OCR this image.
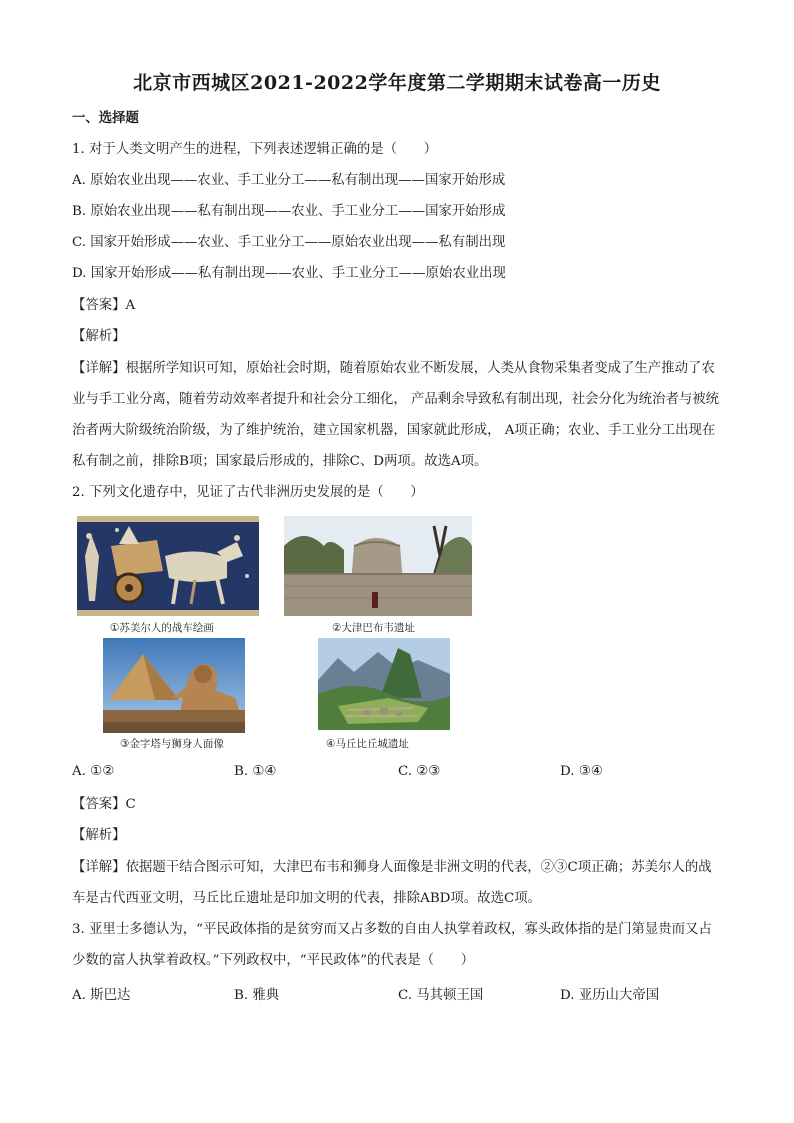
北京市西城区2021-2022学年度第二学期期末试卷高一历史
一、选择题
1. 对于人类文明产生的进程，下列表述逻辑正确的是（　　）
A. 原始农业出现——农业、手工业分工——私有制出现——国家开始形成
B. 原始农业出现——私有制出现——农业、手工业分工——国家开始形成
C. 国家开始形成——农业、手工业分工——原始农业出现——私有制出现
D. 国家开始形成——私有制出现——农业、手工业分工——原始农业出现
【答案】A
【解析】
【详解】根据所学知识可知，原始社会时期，随着原始农业不断发展，人类从食物采集者变成了生产推动了农业与手工业分离，随着劳动效率者提升和社会分工细化， 产品剩余导致私有制出现，社会分化为统治者与被统治者两大阶级统治阶级，为了维护统治，建立国家机器，国家就此形成， A项正确；农业、手工业分工出现在私有制之前，排除B项；国家最后形成的，排除C、D两项。故选A项。
2. 下列文化遗存中，见证了古代非洲历史发展的是（　　）
①苏美尔人的战车绘画	②大津巴布韦遗址
③金字塔与狮身人面像	④马丘比丘城遗址
A. ①②	B. ①④	C. ②③	D. ③④
【答案】C
【解析】
【详解】依据题干结合图示可知，大津巴布韦和狮身人面像是非洲文明的代表，②③C项正确；苏美尔人的战车是古代西亚文明，马丘比丘遗址是印加文明的代表，排除ABD项。故选C项。
3. 亚里士多德认为，“平民政体指的是贫穷而又占多数的自由人执掌着政权，寡头政体指的是门第显贵而又占少数的富人执掌着政权。”下列政权中，“平民政体”的代表是（　　）
A. 斯巴达	B. 雅典	C. 马其顿王国	D. 亚历山大帝国
